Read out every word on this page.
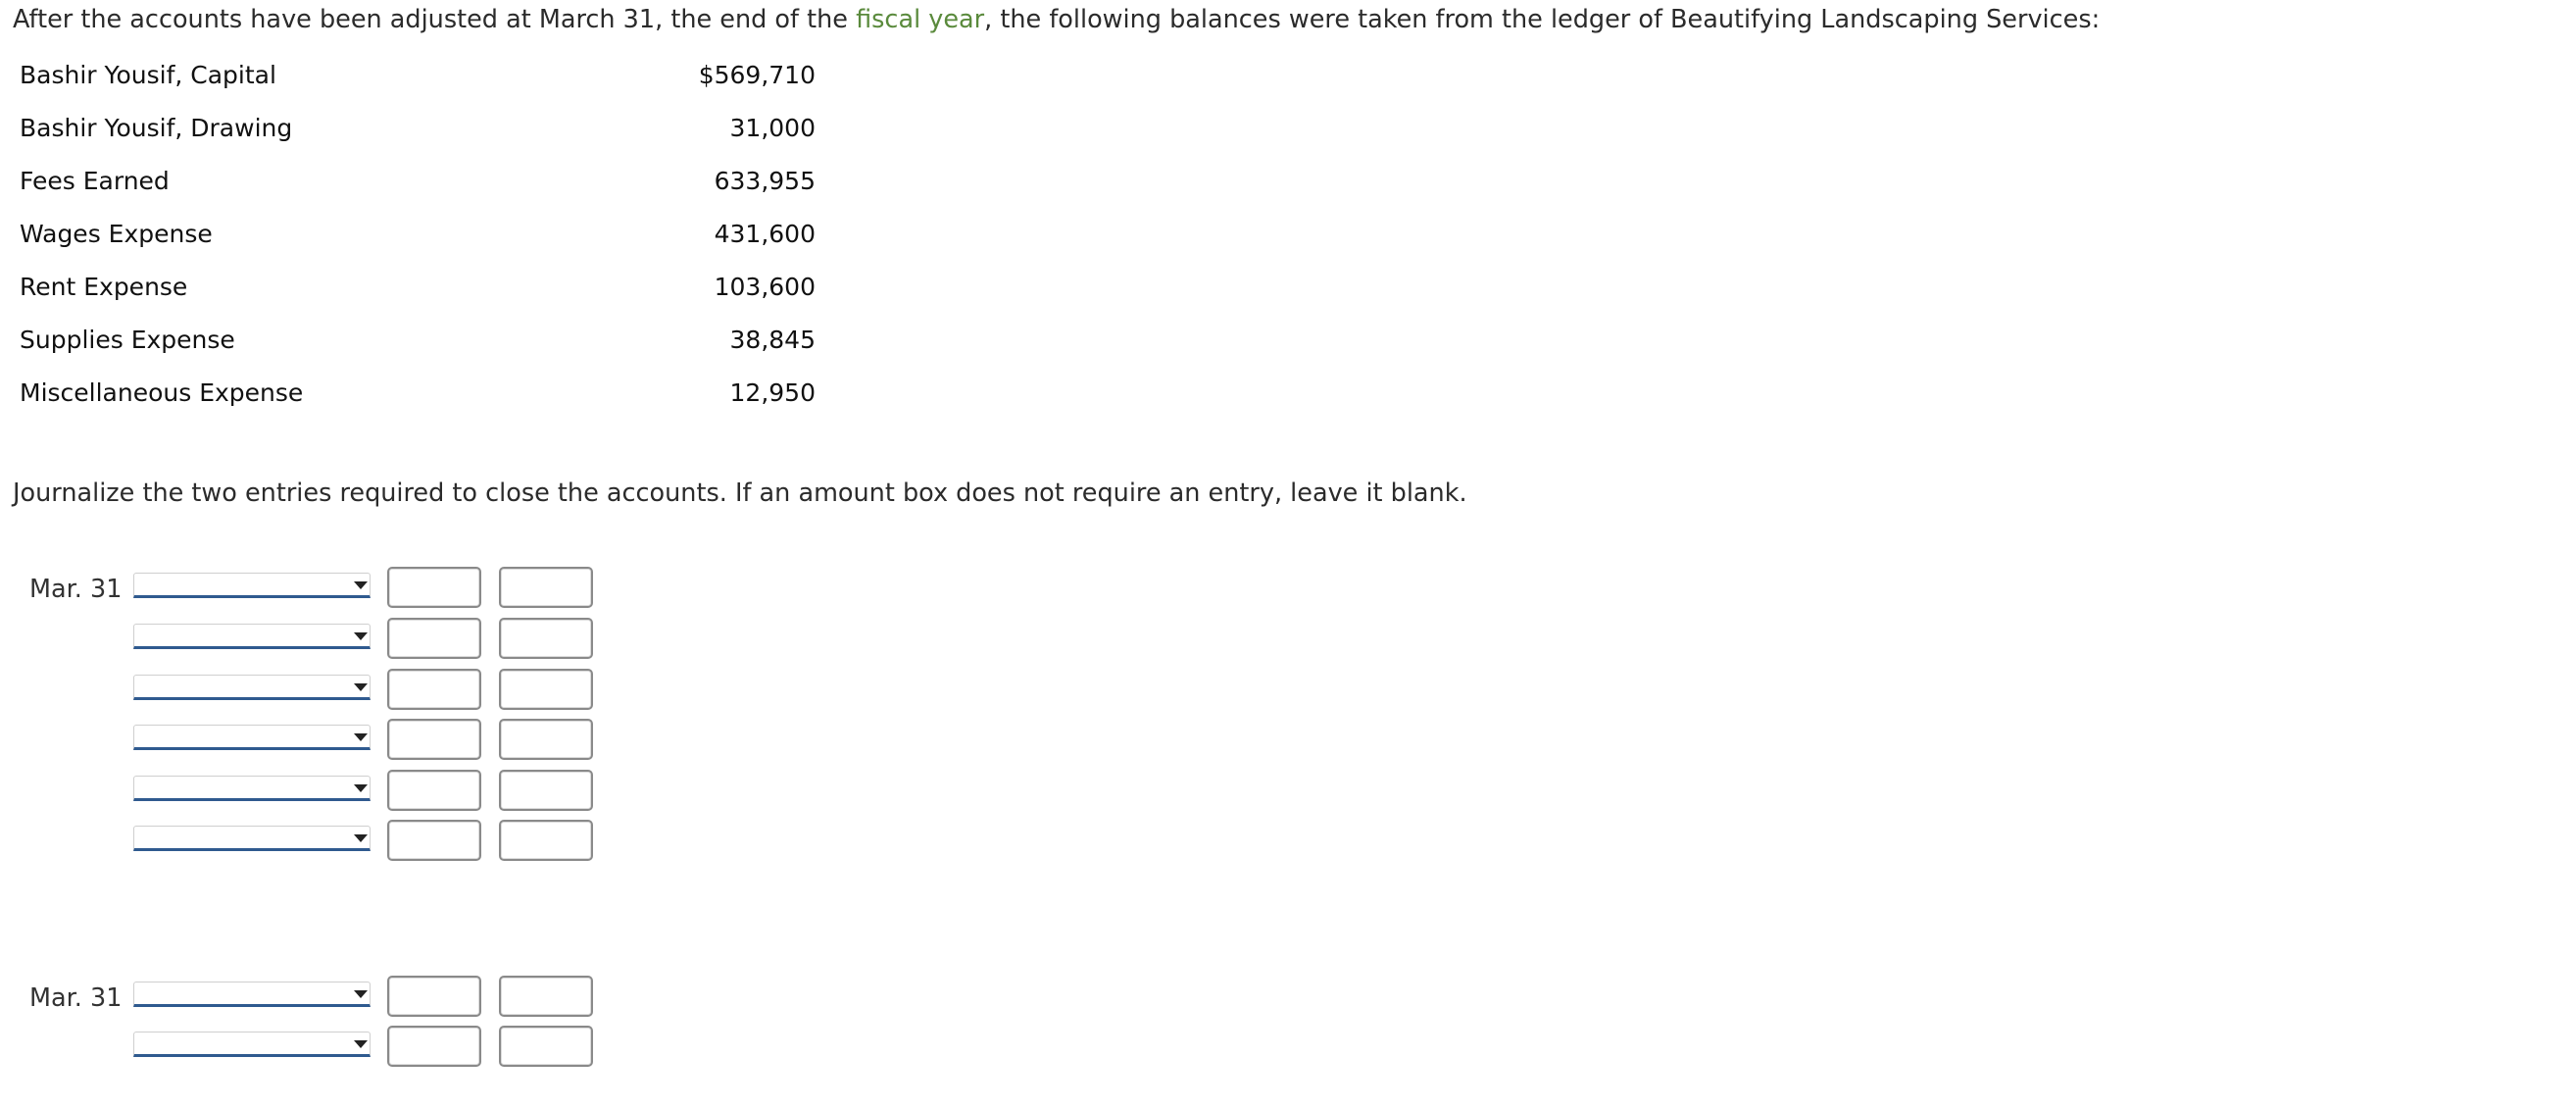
After the accounts have been adjusted at March 31, the end of the fiscal year, the following balances were taken from the ledger of Beautifying Landscaping Services:
Bashir Yousif, Capital	$569,710
Bashir Yousif, Drawing	31,000
Fees Earned	633,955
Wages Expense	431,600
Rent Expense	103,600
Supplies Expense	38,845
Miscellaneous Expense	12,950
Journalize the two entries required to close the accounts. If an amount box does not require an entry, leave it blank.
Mar. 31
Mar. 31
